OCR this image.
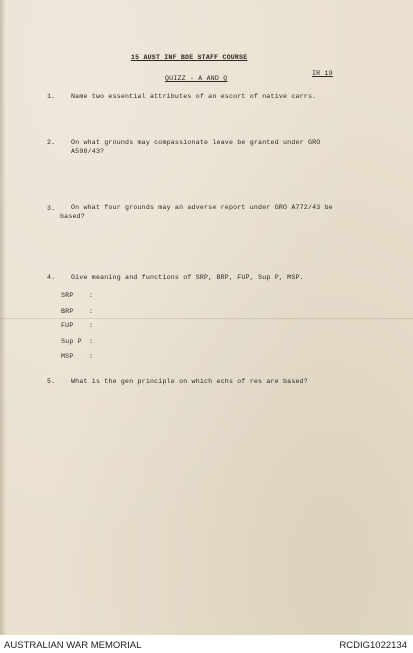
15 AUST INF BDE STAFF COURSE
IR 19
QUIZZ - A AND Q
1. Name two essential attributes of an escort of native carrs.
2. On what grounds may compassionate leave be granted under GRO
A598/43?
3. On what four grounds may an adverse report under GRO A772/43 be
based?
4. Give meaning and functions of SRP, BRP, FUP, Sup P, MSP.
SRP :
BRP :
FUP :
Sup P :
MSP :
5. What is the gen principle on which echs of res are based?
AUSTRALIAN WAR MEMORIAL	RCDIG1022134
